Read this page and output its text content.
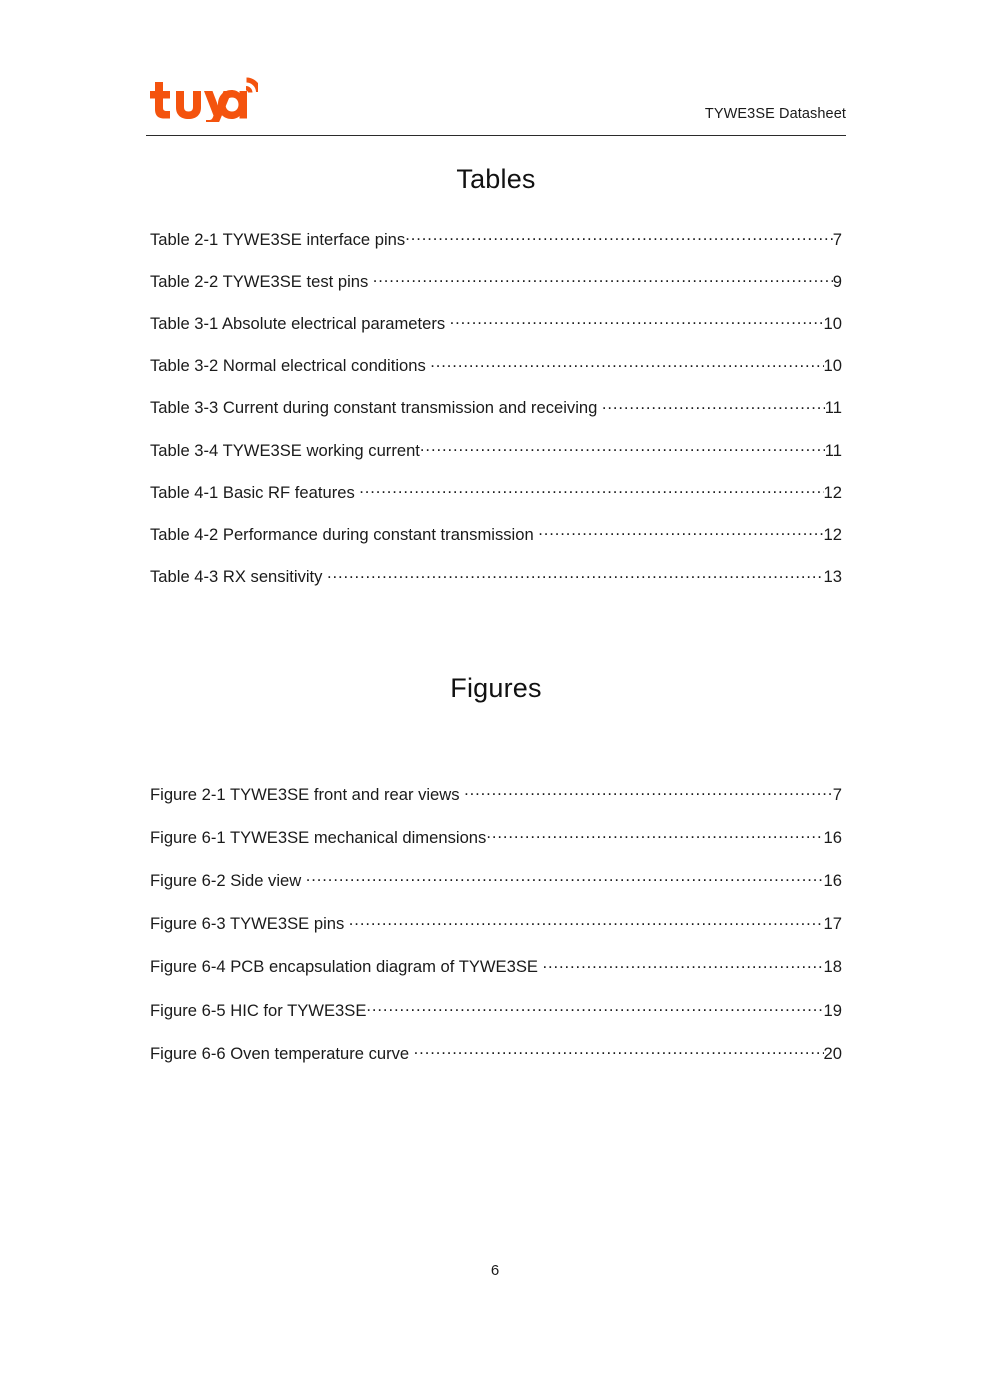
TYWE3SE Datasheet
Tables
Table 2-1 TYWE3SE interface pins .....	7
Table 2-2 TYWE3SE test pins .....	9
Table 3-1 Absolute electrical parameters .....	10
Table 3-2 Normal electrical conditions .....	10
Table 3-3 Current during constant transmission and receiving .....	11
Table 3-4 TYWE3SE working current .....	11
Table 4-1 Basic RF features .....	12
Table 4-2 Performance during constant transmission .....	12
Table 4-3 RX sensitivity .....	13
Figures
Figure 2-1 TYWE3SE front and rear views .....	7
Figure 6-1 TYWE3SE mechanical dimensions .....	16
Figure 6-2 Side view .....	16
Figure 6-3 TYWE3SE pins .....	17
Figure 6-4 PCB encapsulation diagram of TYWE3SE .....	18
Figure 6-5 HIC for TYWE3SE .....	19
Figure 6-6 Oven temperature curve .....	20
6
